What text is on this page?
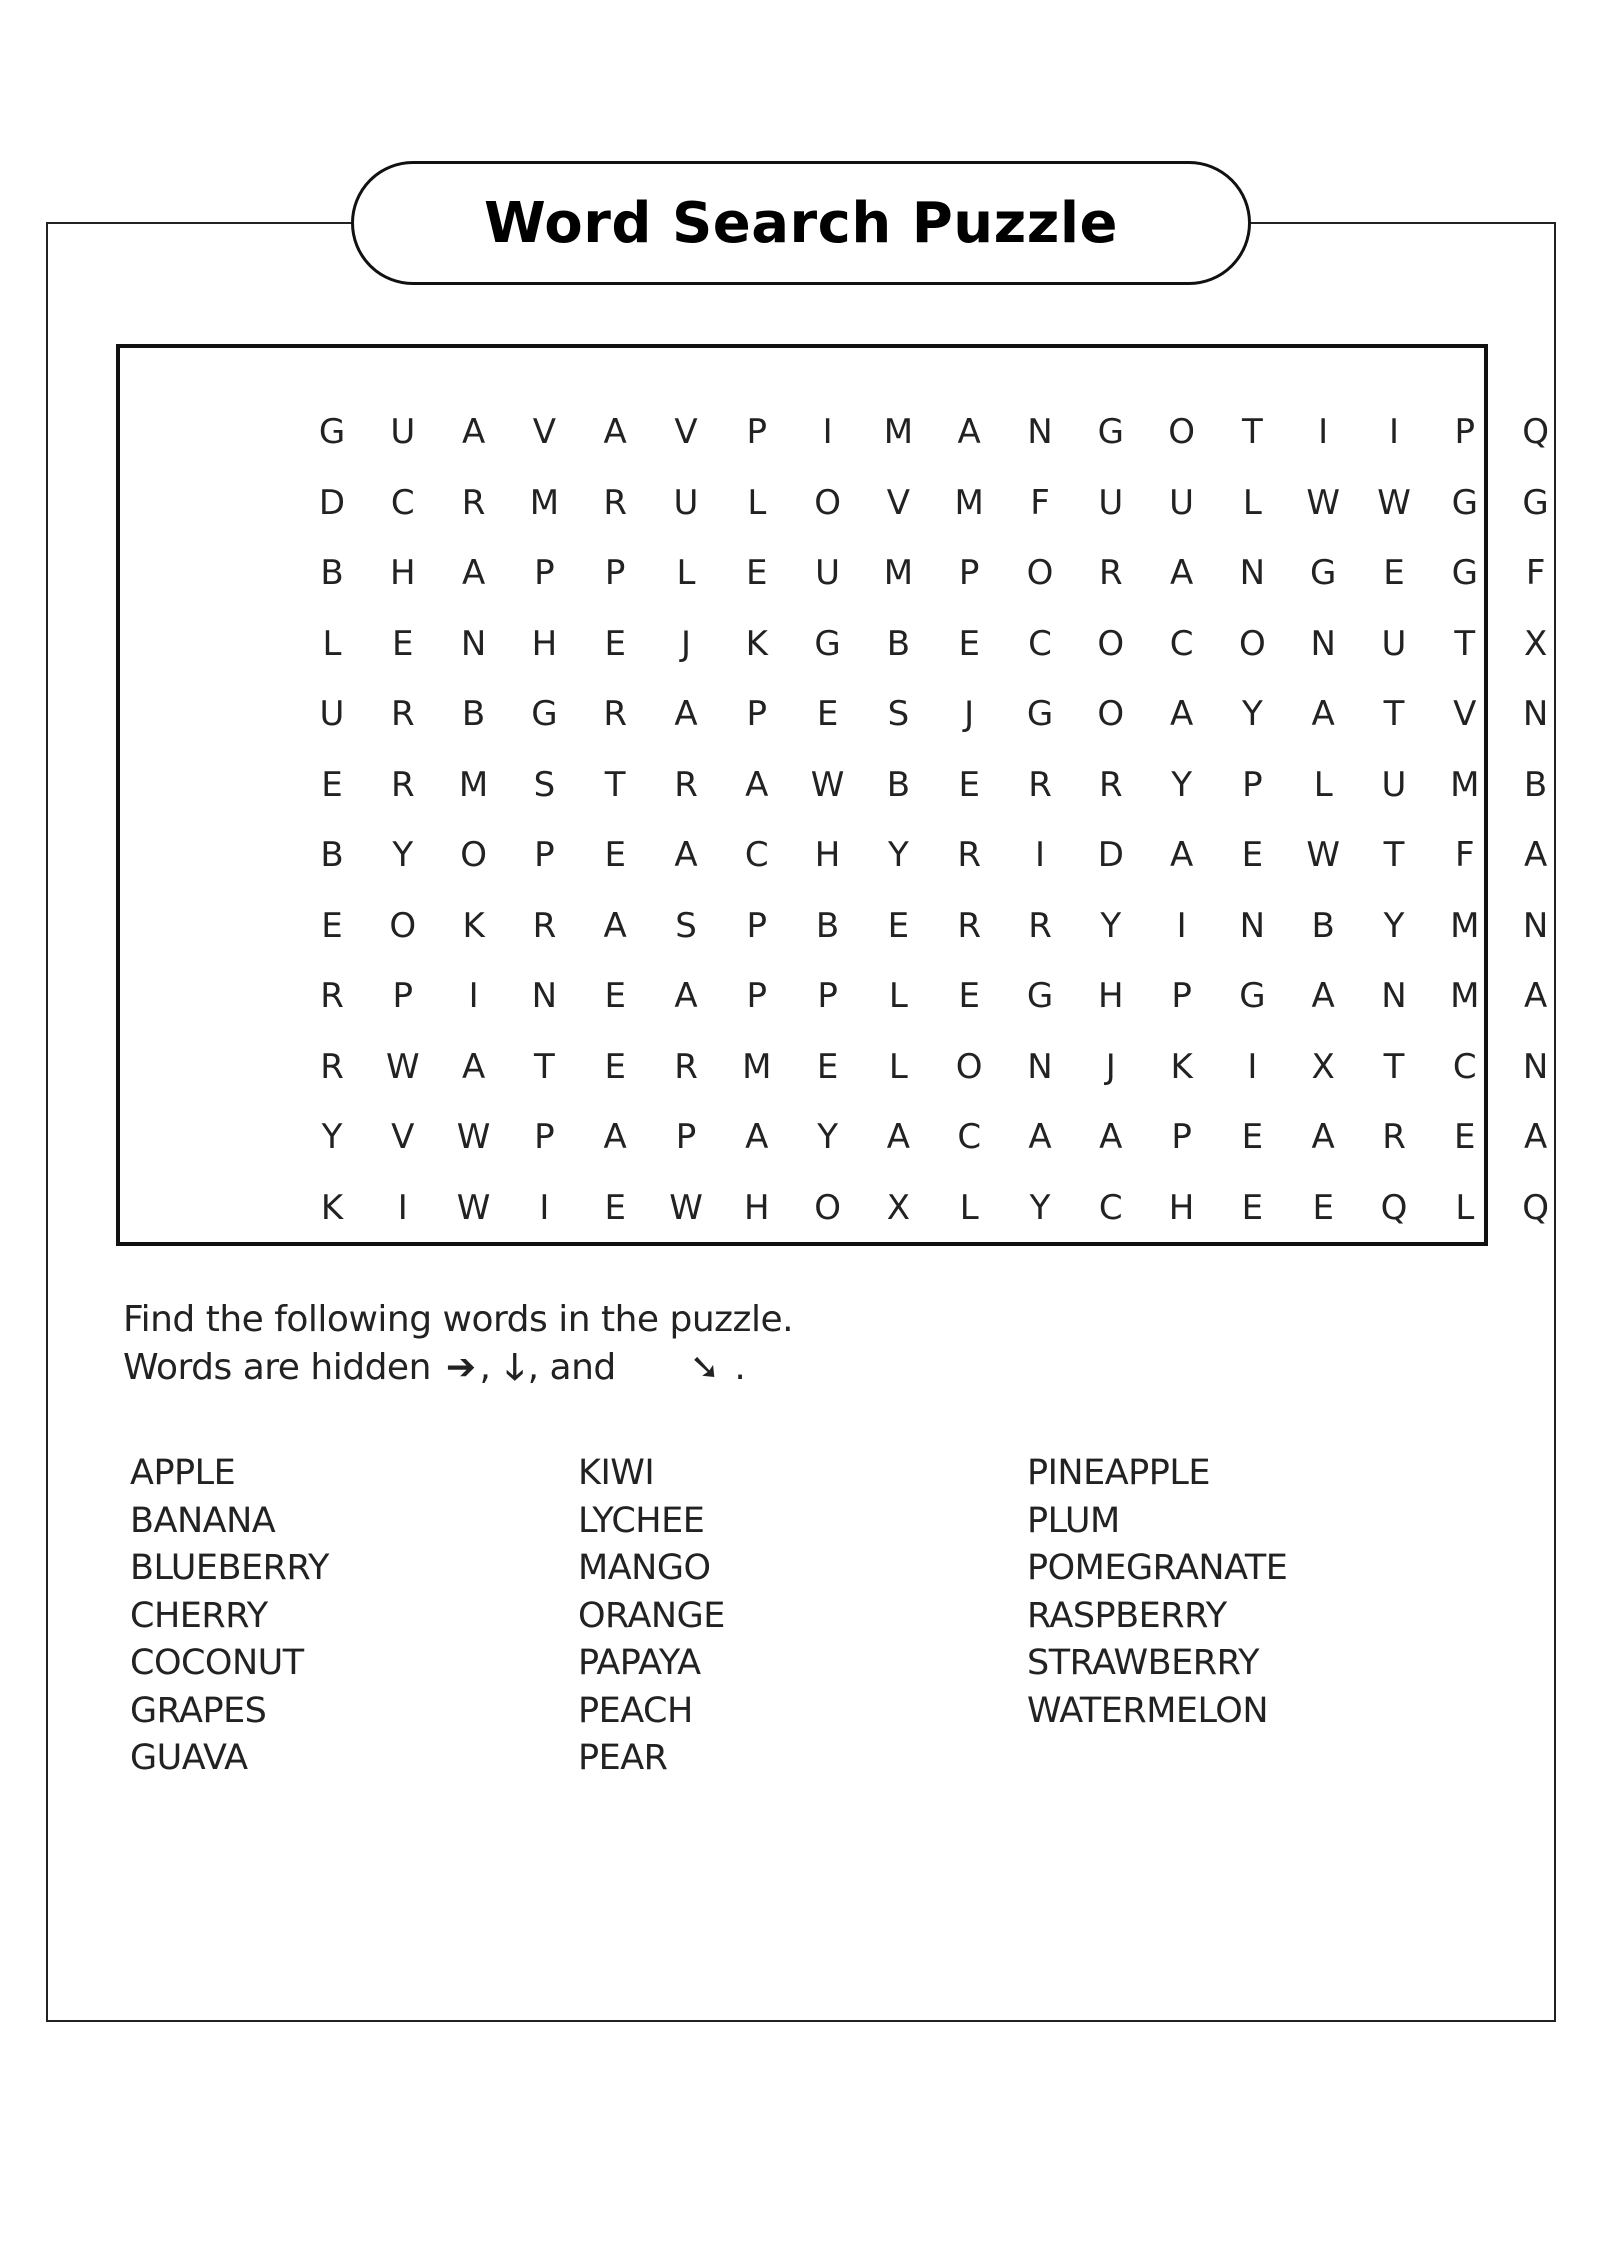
Word Search Puzzle
G	U	A	V	A	V	P	I	M	A	N	G	O	T	I	I	P	Q
D	C	R	M	R	U	L	O	V	M	F	U	U	L	W	W	G	G
B	H	A	P	P	L	E	U	M	P	O	R	A	N	G	E	G	F
L	E	N	H	E	J	K	G	B	E	C	O	C	O	N	U	T	X
U	R	B	G	R	A	P	E	S	J	G	O	A	Y	A	T	V	N
E	R	M	S	T	R	A	W	B	E	R	R	Y	P	L	U	M	B
B	Y	O	P	E	A	C	H	Y	R	I	D	A	E	W	T	F	A
E	O	K	R	A	S	P	B	E	R	R	Y	I	N	B	Y	M	N
R	P	I	N	E	A	P	P	L	E	G	H	P	G	A	N	M	A
R	W	A	T	E	R	M	E	L	O	N	J	K	I	X	T	C	N
Y	V	W	P	A	P	A	Y	A	C	A	A	P	E	A	R	E	A
K	I	W	I	E	W	H	O	X	L	Y	C	H	E	E	Q	L	Q
Find the following words in the puzzle.
Words are hidden ➔ , 🡓 , and ➘ .
APPLE
BANANA
BLUEBERRY
CHERRY
COCONUT
GRAPES
GUAVA
KIWI
LYCHEE
MANGO
ORANGE
PAPAYA
PEACH
PEAR
PINEAPPLE
PLUM
POMEGRANATE
RASPBERRY
STRAWBERRY
WATERMELON
